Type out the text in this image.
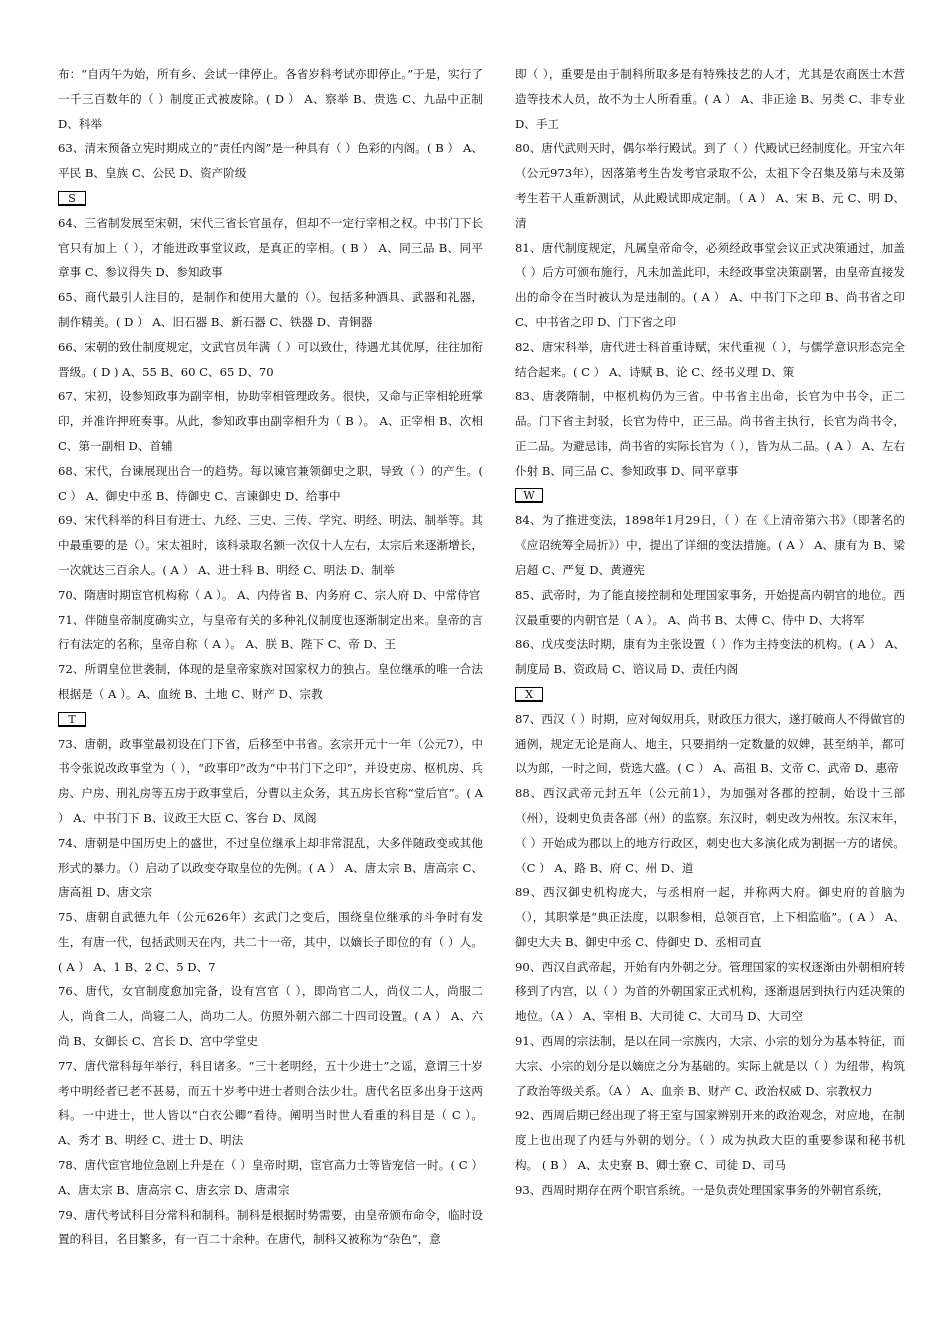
布：“自丙午为始，所有乡、会试一律停止。各省岁科考试亦即停止。”于是，实行了一千三百数年的（ ）制度正式被废除。( D ） A、察举 B、贵选 C、九品中正制 D、科举

63、清末预备立宪时期成立的“责任内阁”是一种具有（ ）色彩的内阁。( B ） A、平民 B、皇族 C、公民 D、资产阶级

S

64、三省制发展至宋朝，宋代三省长官虽存，但却不一定行宰相之权。中书门下长官只有加上（ ），才能进政事堂议政，是真正的宰相。( B ） A、同三品 B、同平章事 C、参议得失 D、参知政事

65、商代最引人注目的，是制作和使用大量的（）。包括多种酒具、武器和礼器，制作精美。( D ） A、旧石器 B、新石器 C、铁器 D、青铜器

66、宋朝的致仕制度规定，文武官员年满（ ）可以致仕，待遇尤其优厚，往往加衔晋级。( D ) A、55 B、60 C、65 D、70

67、宋初，设参知政事为副宰相，协助宰相管理政务。很快，又命与正宰相轮班掌印，并准许押班奏事。从此，参知政事由副宰相升为（ B ）。 A、正宰相 B、次相 C、第一副相 D、首辅

68、宋代，台谏展现出合一的趋势。每以谏官兼领御史之职，导致（ ）的产生。( C ） A、御史中丞 B、侍御史 C、言谏御史 D、给事中

69、宋代科举的科目有进士、九经、三史、三传、学究、明经、明法、制举等。其中最重要的是（）。宋太祖时，该科录取名额一次仅十人左右，太宗后来逐渐增长，一次就达三百余人。( A ） A、进士科 B、明经 C、明法 D、制举

70、隋唐时期宦官机构称（ A ）。 A、内侍省 B、内务府 C、宗人府 D、中常侍官

71、伴随皇帝制度确实立，与皇帝有关的多种礼仪制度也逐渐制定出来。皇帝的言行有法定的名称，皇帝自称（ A ）。 A、朕 B、陛下 C、帝 D、王

72、所谓皇位世袭制，体现的是皇帝家族对国家权力的独占。皇位继承的唯一合法根据是（ A ）。A、血统 B、土地 C、财产 D、宗教

T

73、唐朝，政事堂最初设在门下省，后移至中书省。玄宗开元十一年（公元7），中书令张说改政事堂为（ ），“政事印”改为“中书门下之印”，并设吏房、枢机房、兵房、户房、刑礼房等五房于政事堂后，分曹以主众务，其五房长官称“堂后官”。( A ） A、中书门下 B、议政王大臣 C、客台 D、凤阁

74、唐朝是中国历史上的盛世，不过皇位继承上却非常混乱，大多伴随政变或其他形式的暴力。（）启动了以政变夺取皇位的先例。( A ） A、唐太宗 B、唐高宗 C、唐高祖 D、唐文宗

75、唐朝自武德九年（公元626年）玄武门之变后，围绕皇位继承的斗争时有发生，有唐一代，包括武则天在内，共二十一帝，其中，以嫡长子即位的有（ ）人。( A ） A、1 B、2 C、5 D、7

76、唐代，女官制度愈加完备，设有宫官（ ），即尚官二人，尚仪二人，尚服二人，尚食二人，尚寝二人，尚功二人。仿照外朝六部二十四司设置。( A ） A、六尚 B、女御长 C、宫长 D、宫中学堂史

77、唐代常科每年举行，科目诸多。“三十老明经，五十少进士”之谣，意谓三十岁考中明经者已老不甚易，而五十岁考中进士者则合法少壮。唐代名臣多出身于这两科。一中进士，世人皆以“白衣公卿”看待。阐明当时世人看重的科目是（ C ）。 A、秀才 B、明经 C、进士 D、明法

78、唐代宦官地位急剧上升是在（ ）皇帝时期，宦官高力士等皆宠信一时。( C ） A、唐太宗 B、唐高宗 C、唐玄宗 D、唐肃宗

79、唐代考试科目分常科和制科。制科是根据时势需要，由皇帝颁布命令，临时设置的科目，名目繁多，有一百二十余种。在唐代，制科又被称为“杂色”，意

即（ ），重要是由于制科所取多是有特殊技艺的人才，尤其是农商医士木营造等技术人员，故不为士人所看重。( A ） A、非正途 B、另类 C、非专业 D、手工

80、唐代武则天时，偶尔举行殿试。到了（ ）代殿试已经制度化。开宝六年（公元973年），因落第考生告发考官录取不公，太祖下令召集及第与未及第考生若干人重新测试，从此殿试即成定制。（ A ） A、宋 B、元 C、明 D、清

81、唐代制度规定，凡属皇帝命令，必须经政事堂会议正式决策通过，加盖（ ）后方可颁布施行，凡未加盖此印，未经政事堂决策副署，由皇帝直接发出的命令在当时被认为是违制的。( A ） A、中书门下之印 B、尚书省之印 C、中书省之印 D、门下省之印

82、唐宋科举，唐代进士科首重诗赋，宋代重视（ ），与儒学意识形态完全结合起来。( C ） A、诗赋 B、论 C、经书义理 D、策

83、唐袭隋制，中枢机构仍为三省。中书省主出命，长官为中书令，正二品。门下省主封驳，长官为侍中，正三品。尚书省主执行，长官为尚书令，正二品。为避忌讳，尚书省的实际长官为（ ），皆为从二品。( A ） A、左右仆射 B、同三品 C、参知政事 D、同平章事

W

84、为了推进变法，1898年1月29日，（ ）在《上清帝第六书》（即著名的《应诏统筹全局折》）中，提出了详细的变法措施。( A ） A、康有为 B、梁启超 C、严复 D、黄遵宪

85、武帝时，为了能直接控制和处理国家事务，开始提高内朝官的地位。西汉最重要的内朝官是（ A ）。 A、尚书 B、太傅 C、侍中 D、大将军

86、戊戌变法时期，康有为主张设置（ ）作为主持变法的机构。( A ） A、制度局 B、资政局 C、谘议局 D、责任内阁

X

87、西汉（ ）时期，应对匈奴用兵，财政压力很大，遂打破商人不得做官的通例，规定无论是商人、地主，只要捐纳一定数量的奴婢，甚至纳羊，都可以为郎，一时之间，赀选大盛。( C ） A、高祖 B、文帝 C、武帝 D、惠帝

88、西汉武帝元封五年（公元前1），为加强对各郡的控制，始设十三部（州），设刺史负责各部（州）的监察。东汉时，刺史改为州牧。东汉末年，（ ）开始成为郡以上的地方行政区，刺史也大多演化成为割据一方的诸侯。（C ） A、路 B、府 C、州 D、道

89、西汉御史机构庞大，与丞相府一起，并称两大府。御史府的首脑为（），其职掌是“典正法度，以职参相，总领百官，上下相监临”。( A ） A、御史大夫 B、御史中丞 C、侍御史 D、丞相司直

90、西汉自武帝起，开始有内外朝之分。管理国家的实权逐渐由外朝相府转移到了内宫，以（ ）为首的外朝国家正式机构，逐渐退居到执行内廷决策的地位。（A ） A、宰相 B、大司徒 C、大司马 D、大司空

91、西周的宗法制，是以在同一宗族内，大宗、小宗的划分为基本特征，而大宗、小宗的划分是以嫡庶之分为基础的。实际上就是以（ ）为纽带，构筑了政治等级关系。（A ） A、血亲 B、财产 C、政治权威 D、宗教权力

92、西周后期已经出现了将王室与国家辨别开来的政治观念，对应地，在制度上也出现了内廷与外朝的划分。（ ）成为执政大臣的重要参谋和秘书机构。 ( B ） A、太史寮 B、卿士寮 C、司徒 D、司马

93、西周时期存在两个职官系统。一是负责处理国家事务的外朝官系统，
